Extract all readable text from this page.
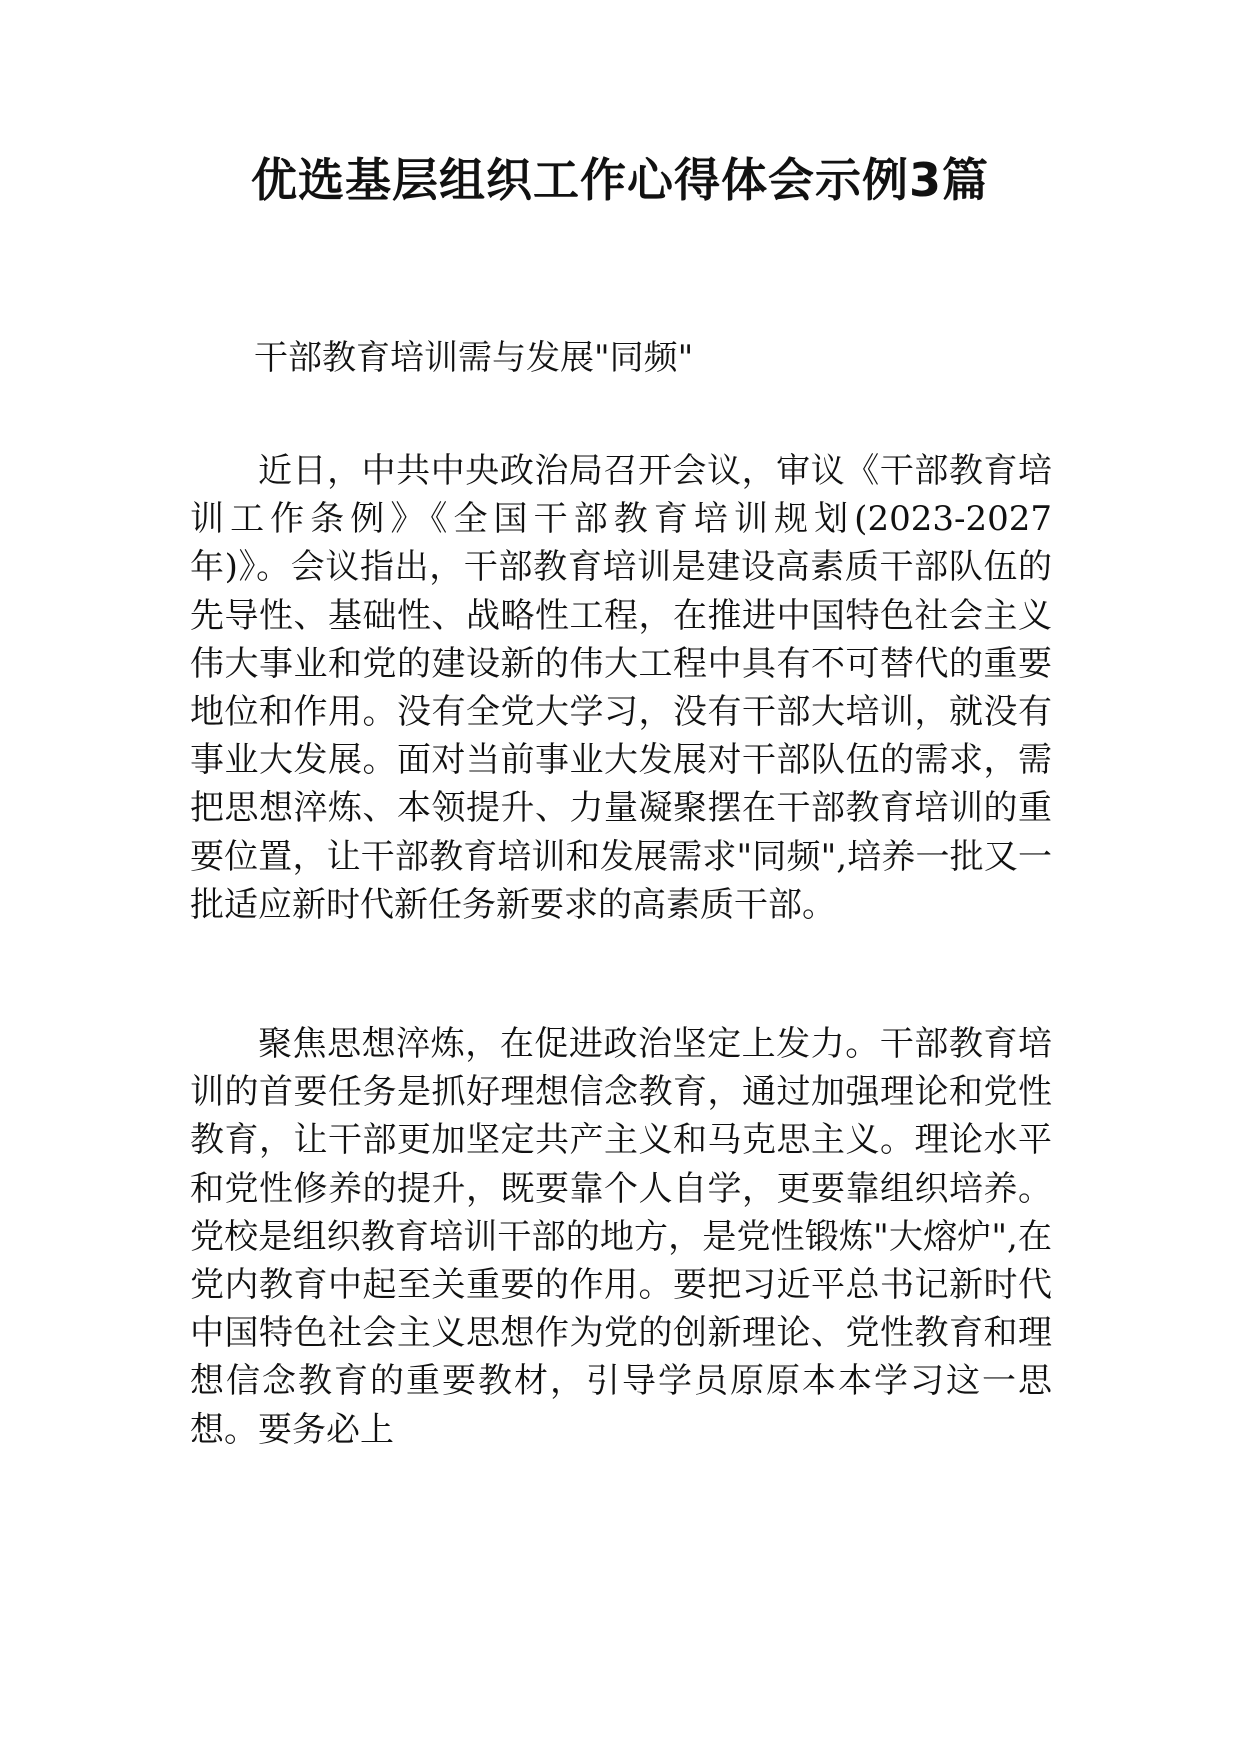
优选基层组织工作心得体会示例3篇

干部教育培训需与发展"同频"

近日，中共中央政治局召开会议，审议《干部教育培训工作条例》《全国干部教育培训规划(2023-2027 年)》。会议指出，干部教育培训是建设高素质干部队伍的先导性、基础性、战略性工程，在推进中国特色社会主义伟大事业和党的建设新的伟大工程中具有不可替代的重要地位和作用。没有全党大学习，没有干部大培训，就没有事业大发展。面对当前事业大发展对干部队伍的需求，需把思想淬炼、本领提升、力量凝聚摆在干部教育培训的重要位置，让干部教育培训和发展需求"同频",培养一批又一批适应新时代新任务新要求的高素质干部。

聚焦思想淬炼，在促进政治坚定上发力。干部教育培训的首要任务是抓好理想信念教育，通过加强理论和党性教育，让干部更加坚定共产主义和马克思主义。理论水平和党性修养的提升，既要靠个人自学，更要靠组织培养。党校是组织教育培训干部的地方，是党性锻炼"大熔炉",在党内教育中起至关重要的作用。要把习近平总书记新时代中国特色社会主义思想作为党的创新理论、党性教育和理想信念教育的重要教材，引导学员原原本本学习这一思想。要务必上
